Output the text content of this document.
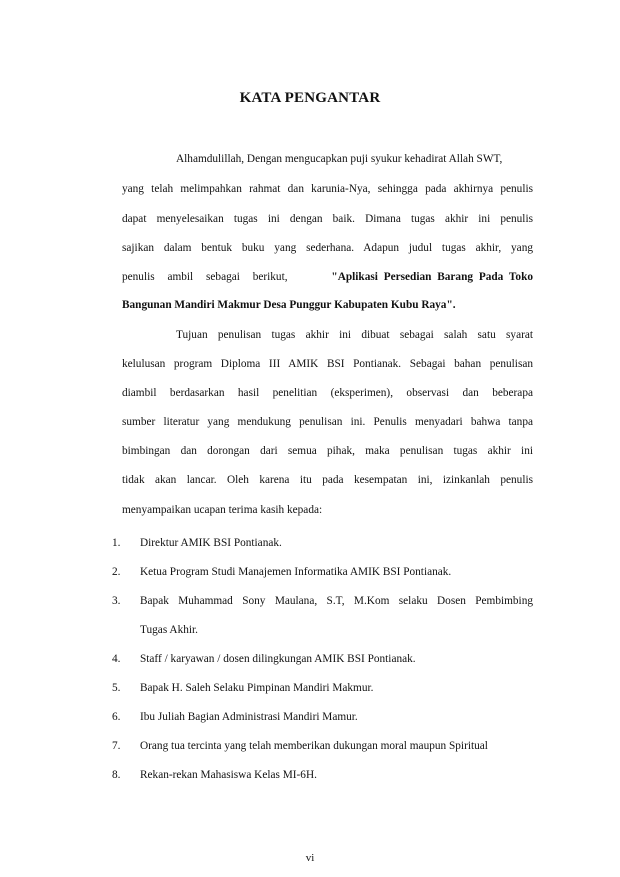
KATA PENGANTAR
Alhamdulillah, Dengan mengucapkan puji syukur kehadirat Allah SWT,
yang telah melimpahkan rahmat dan karunia-Nya, sehingga pada akhirnya penulis
dapat menyelesaikan tugas ini dengan baik. Dimana tugas akhir ini penulis
sajikan dalam bentuk buku yang sederhana. Adapun judul tugas akhir, yang
penulis ambil sebagai berikut,	"Aplikasi Persedian Barang Pada Toko
Bangunan Mandiri Makmur Desa Punggur Kabupaten Kubu Raya".
Tujuan penulisan tugas akhir ini dibuat sebagai salah satu syarat
kelulusan program Diploma III AMIK BSI Pontianak. Sebagai bahan penulisan
diambil berdasarkan hasil penelitian (eksperimen), observasi dan beberapa
sumber literatur yang mendukung penulisan ini. Penulis menyadari bahwa tanpa
bimbingan dan dorongan dari semua pihak, maka penulisan tugas akhir ini
tidak akan lancar. Oleh karena itu pada kesempatan ini, izinkanlah penulis
menyampaikan ucapan terima kasih kepada:
1. Direktur AMIK BSI Pontianak.
2. Ketua Program Studi Manajemen Informatika AMIK BSI Pontianak.
3. Bapak Muhammad Sony Maulana, S.T, M.Kom selaku Dosen Pembimbing
Tugas Akhir.
4. Staff / karyawan / dosen dilingkungan AMIK BSI Pontianak.
5. Bapak H. Saleh Selaku Pimpinan Mandiri Makmur.
6. Ibu Juliah Bagian Administrasi Mandiri Mamur.
7. Orang tua tercinta yang telah memberikan dukungan moral maupun Spiritual
8. Rekan-rekan Mahasiswa Kelas MI-6H.
vi
